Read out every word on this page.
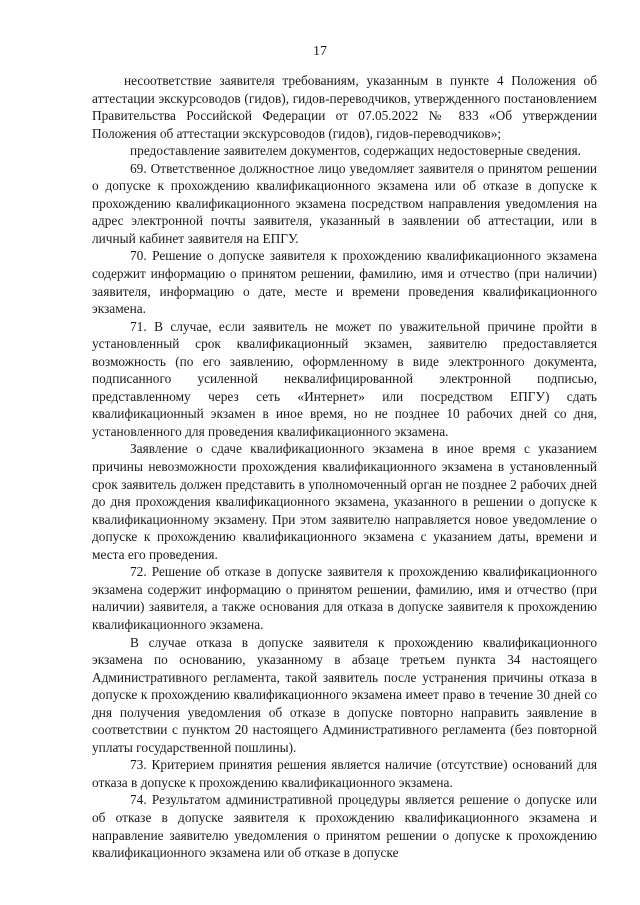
17

несоответствие заявителя требованиям, указанным в пункте 4 Положения об аттестации экскурсоводов (гидов), гидов-переводчиков, утвержденного постановлением Правительства Российской Федерации от 07.05.2022 № 833 «Об утверждении Положения об аттестации экскурсоводов (гидов), гидов-переводчиков»;

предоставление заявителем документов, содержащих недостоверные сведения.

69. Ответственное должностное лицо уведомляет заявителя о принятом решении о допуске к прохождению квалификационного экзамена или об отказе в допуске к прохождению квалификационного экзамена посредством направления уведомления на адрес электронной почты заявителя, указанный в заявлении об аттестации, или в личный кабинет заявителя на ЕПГУ.

70. Решение о допуске заявителя к прохождению квалификационного экзамена содержит информацию о принятом решении, фамилию, имя и отчество (при наличии) заявителя, информацию о дате, месте и времени проведения квалификационного экзамена.

71. В случае, если заявитель не может по уважительной причине пройти в установленный срок квалификационный экзамен, заявителю предоставляется возможность (по его заявлению, оформленному в виде электронного документа, подписанного усиленной неквалифицированной электронной подписью, представленному через сеть «Интернет» или посредством ЕПГУ) сдать квалификационный экзамен в иное время, но не позднее 10 рабочих дней со дня, установленного для проведения квалификационного экзамена.

Заявление о сдаче квалификационного экзамена в иное время с указанием причины невозможности прохождения квалификационного экзамена в установленный срок заявитель должен представить в уполномоченный орган не позднее 2 рабочих дней до дня прохождения квалификационного экзамена, указанного в решении о допуске к квалификационному экзамену. При этом заявителю направляется новое уведомление о допуске к прохождению квалификационного экзамена с указанием даты, времени и места его проведения.

72. Решение об отказе в допуске заявителя к прохождению квалификационного экзамена содержит информацию о принятом решении, фамилию, имя и отчество (при наличии) заявителя, а также основания для отказа в допуске заявителя к прохождению квалификационного экзамена.

В случае отказа в допуске заявителя к прохождению квалификационного экзамена по основанию, указанному в абзаце третьем пункта 34 настоящего Административного регламента, такой заявитель после устранения причины отказа в допуске к прохождению квалификационного экзамена имеет право в течение 30 дней со дня получения уведомления об отказе в допуске повторно направить заявление в соответствии с пунктом 20 настоящего Административного регламента (без повторной уплаты государственной пошлины).

73. Критерием принятия решения является наличие (отсутствие) оснований для отказа в допуске к прохождению квалификационного экзамена.

74. Результатом административной процедуры является решение о допуске или об отказе в допуске заявителя к прохождению квалификационного экзамена и направление заявителю уведомления о принятом решении о допуске к прохождению квалификационного экзамена или об отказе в допуске
